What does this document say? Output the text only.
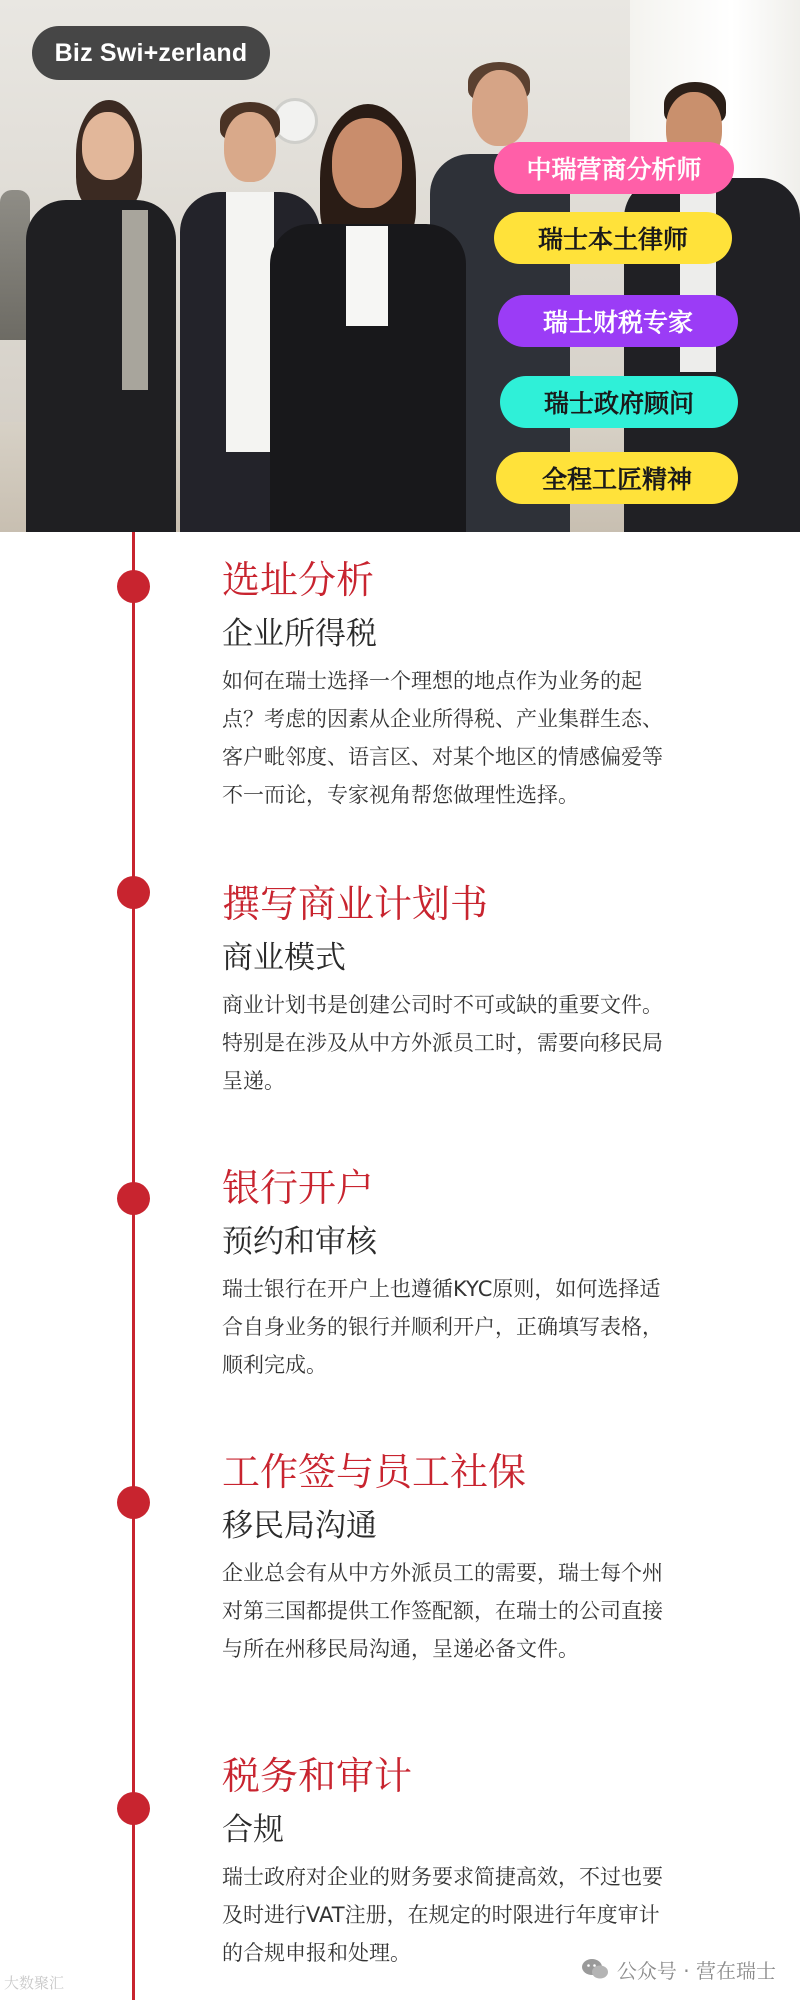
Biz Swi+zerland
中瑞营商分析师
瑞士本土律师
瑞士财税专家
瑞士政府顾问
全程工匠精神
选址分析
企业所得税
如何在瑞士选择一个理想的地点作为业务的起点？考虑的因素从企业所得税、产业集群生态、客户毗邻度、语言区、对某个地区的情感偏爱等不一而论，专家视角帮您做理性选择。
撰写商业计划书
商业模式
商业计划书是创建公司时不可或缺的重要文件。特别是在涉及从中方外派员工时，需要向移民局呈递。
银行开户
预约和审核
瑞士银行在开户上也遵循KYC原则，如何选择适合自身业务的银行并顺利开户，正确填写表格，顺利完成。
工作签与员工社保
移民局沟通
企业总会有从中方外派员工的需要，瑞士每个州对第三国都提供工作签配额，在瑞士的公司直接与所在州移民局沟通，呈递必备文件。
税务和审计
合规
瑞士政府对企业的财务要求简捷高效，不过也要及时进行VAT注册，在规定的时限进行年度审计的合规申报和处理。
大数聚汇
公众号 · 营在瑞士
